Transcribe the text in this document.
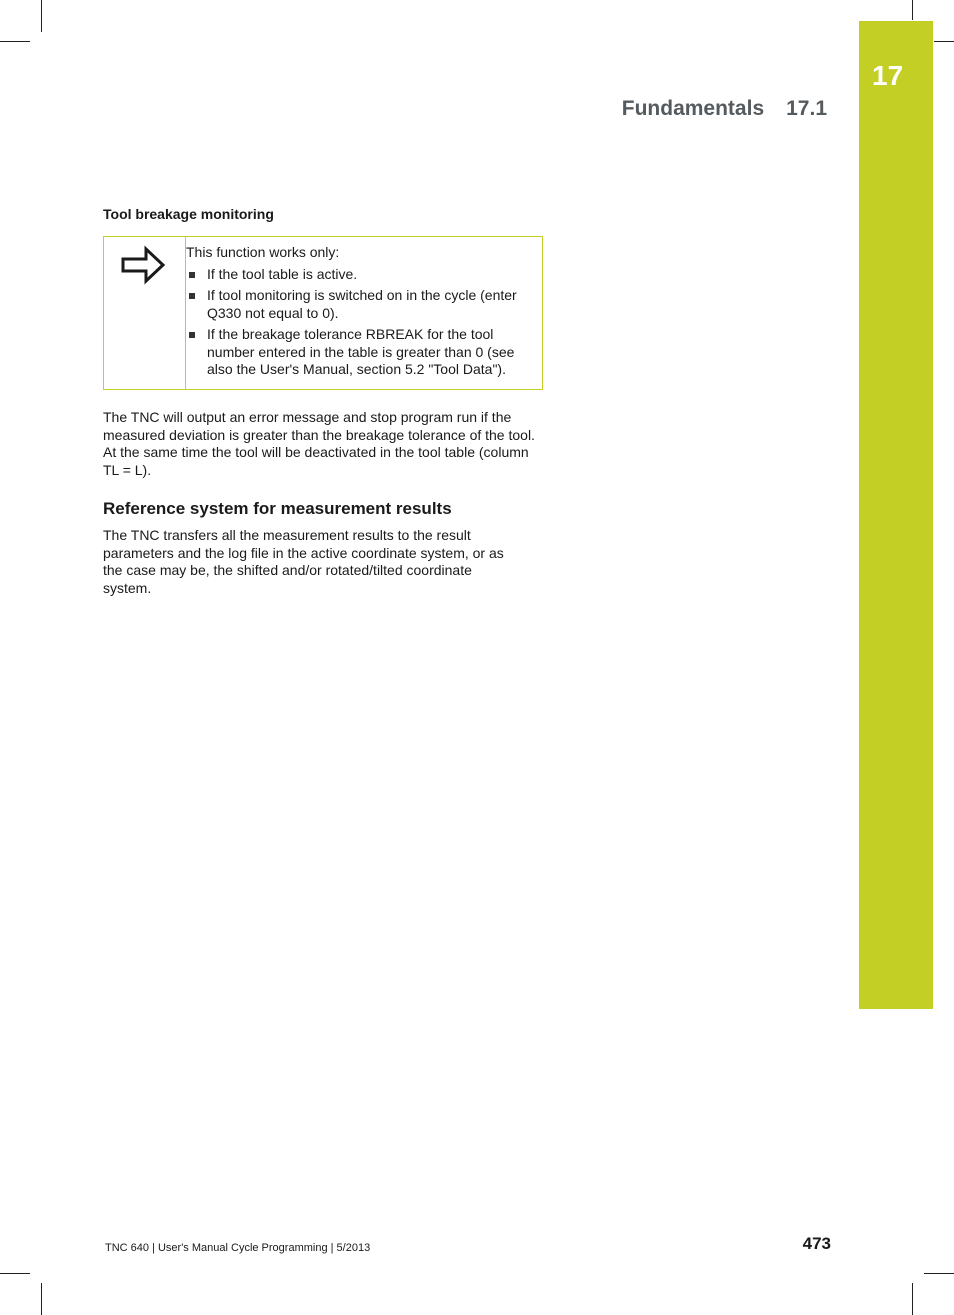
17
Fundamentals 17.1
Tool breakage monitoring

This function works only:

If the tool table is active.
If tool monitoring is switched on in the cycle (enter Q330 not equal to 0).
If the breakage tolerance RBREAK for the tool number entered in the table is greater than 0 (see also the User's Manual, section 5.2 "Tool Data").

The TNC will output an error message and stop program run if the measured deviation is greater than the breakage tolerance of the tool. At the same time the tool will be deactivated in the tool table (column TL = L).

Reference system for measurement results

The TNC transfers all the measurement results to the result parameters and the log file in the active coordinate system, or as the case may be, the shifted and/or rotated/tilted coordinate system.

TNC 640 | User's Manual Cycle Programming | 5/2013	473
